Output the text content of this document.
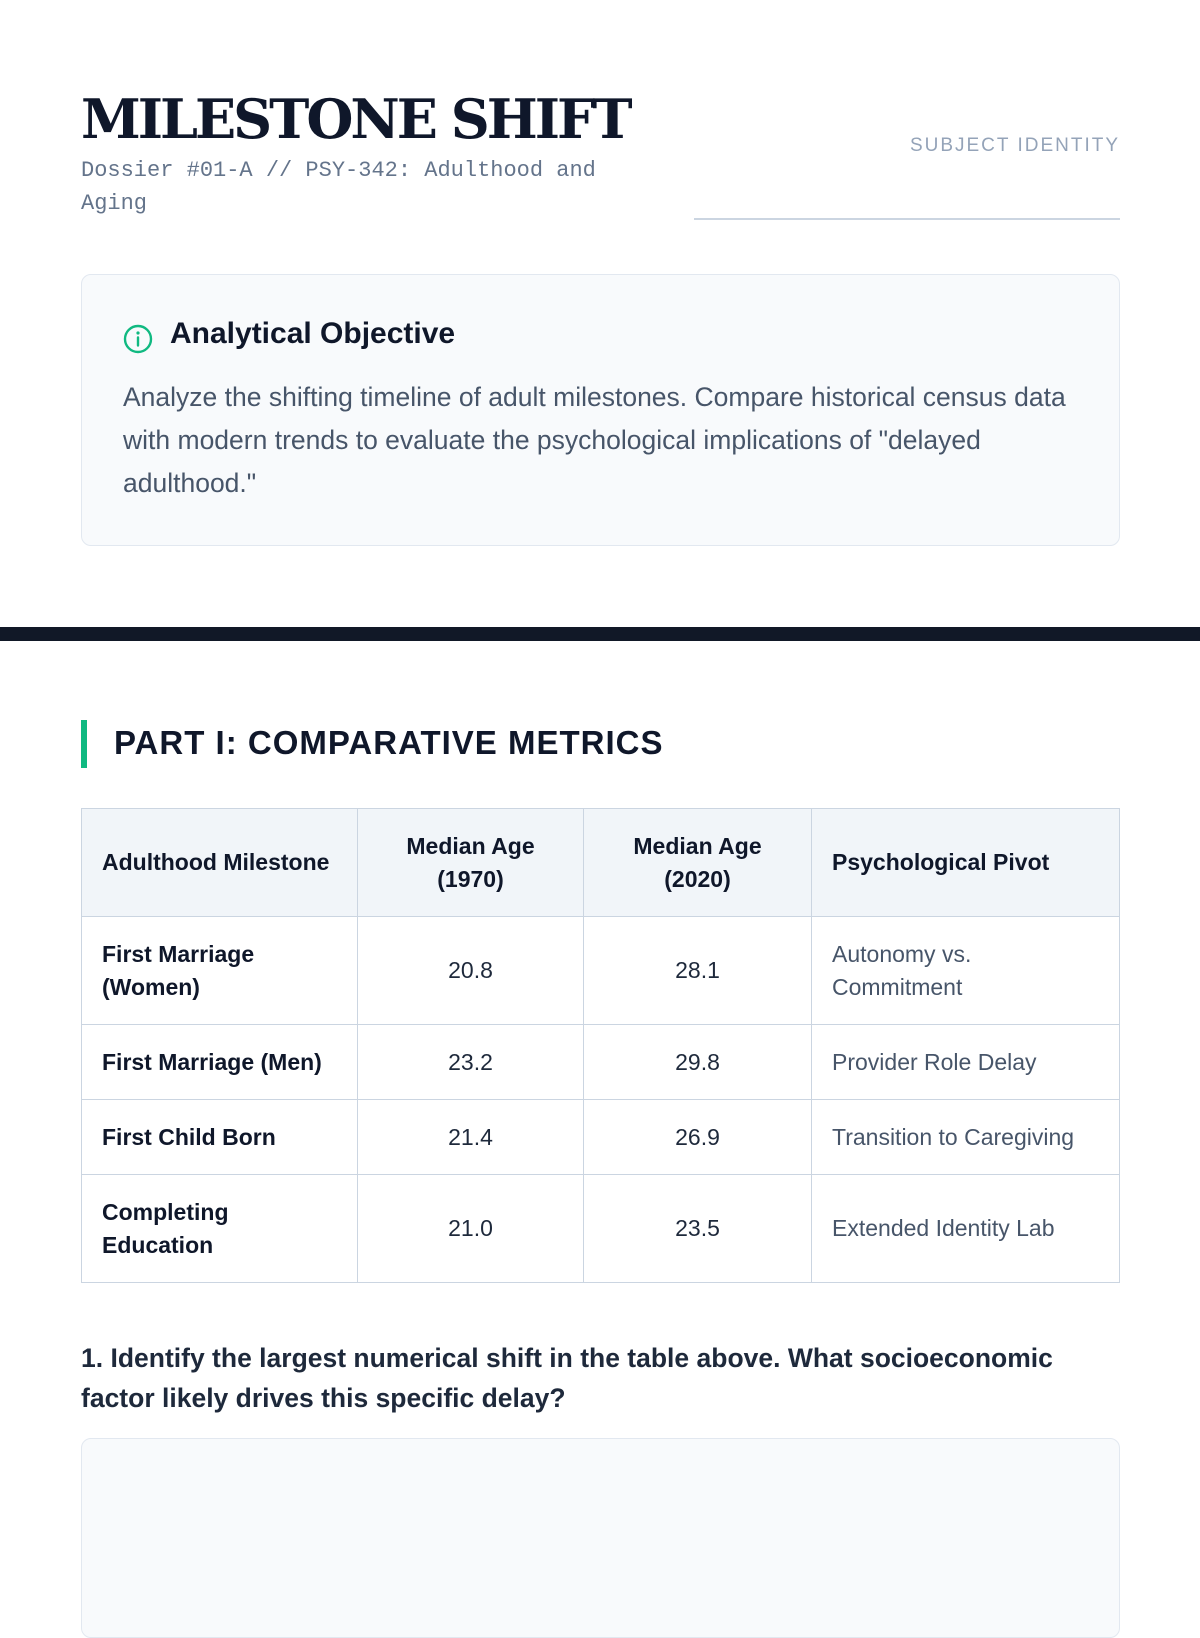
MILESTONE SHIFT
Dossier #01-A // PSY-342: Adulthood and Aging
SUBJECT IDENTITY
Analytical Objective

Analyze the shifting timeline of adult milestones. Compare historical census data with modern trends to evaluate the psychological implications of "delayed adulthood."

PART I: COMPARATIVE METRICS
Adulthood Milestone	Median Age (1970)	Median Age (2020)	Psychological Pivot
First Marriage (Women)	20.8	28.1	Autonomy vs. Commitment
First Marriage (Men)	23.2	29.8	Provider Role Delay
First Child Born	21.4	26.9	Transition to Caregiving
Completing Education	21.0	23.5	Extended Identity Lab

1. Identify the largest numerical shift in the table above. What socioeconomic factor likely drives this specific delay?
